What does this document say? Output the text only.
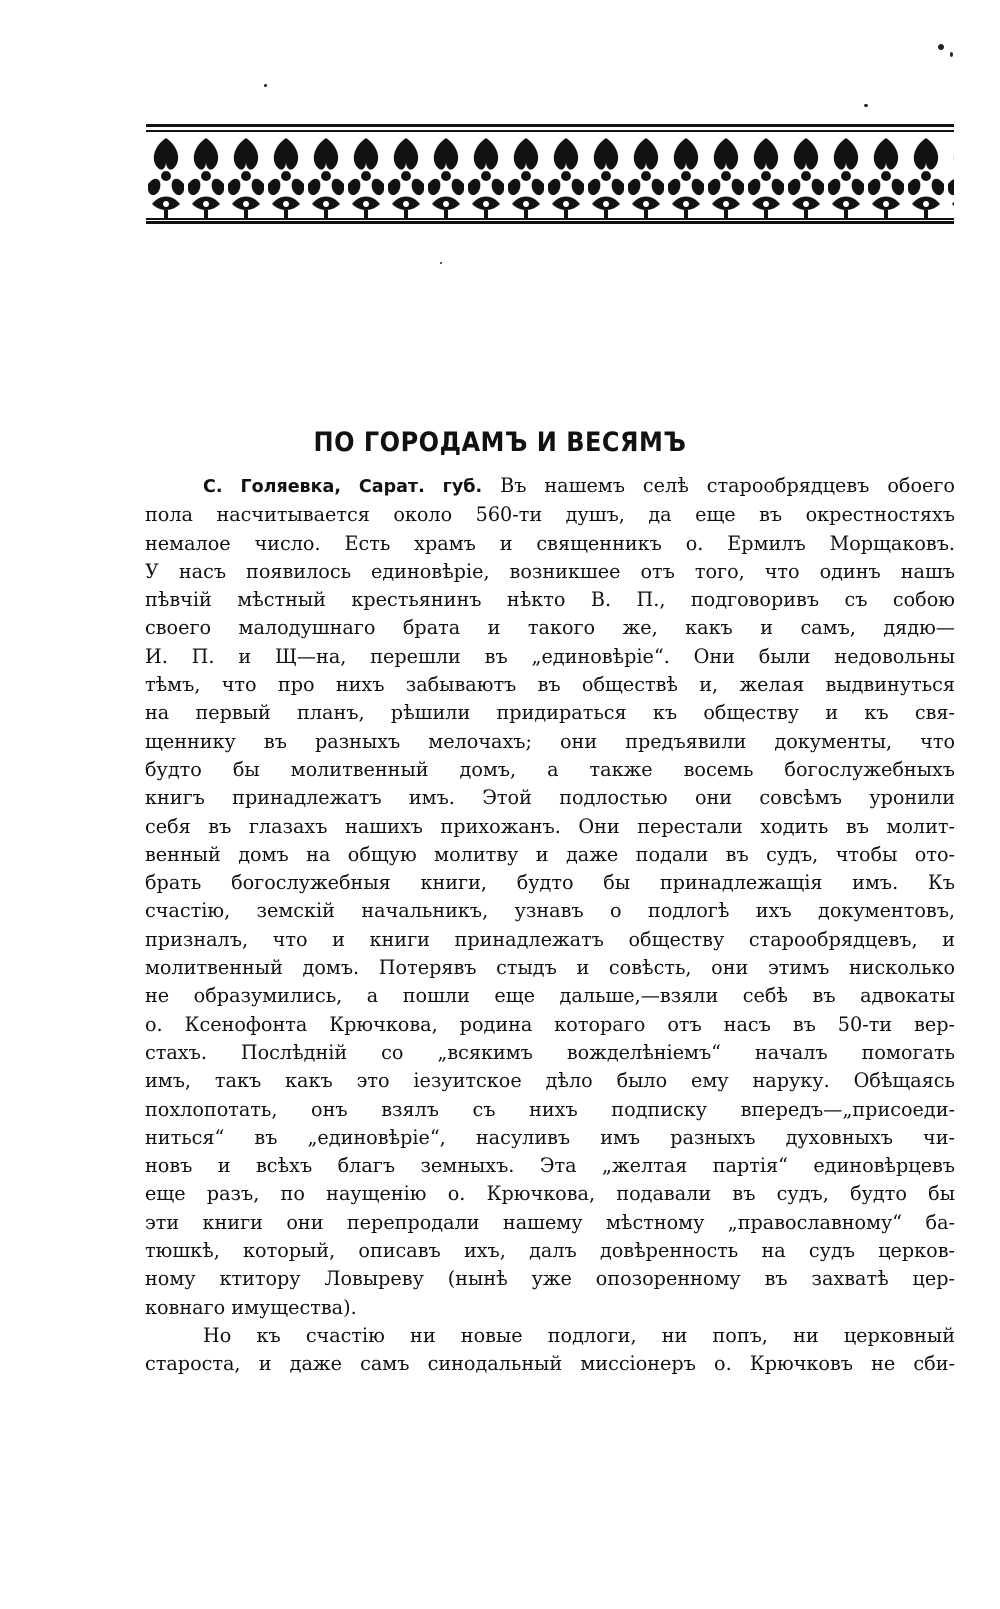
ПО ГОРОДАМЪ И ВЕСЯМЪ
С. Голяевка, Сарат. губ. Въ нашемъ селѣ старообрядцевъ обоего
пола насчитывается около 560-ти душъ, да еще въ окрестностяхъ
немалое число. Есть храмъ и священникъ о. Ермилъ Морщаковъ.
У насъ появилось единовѣріе, возникшее отъ того, что одинъ нашъ
пѣвчій мѣстный крестьянинъ нѣкто В. П., подговоривъ съ собою
своего малодушнаго брата и такого же, какъ и самъ, дядю—
И. П. и Щ—на, перешли въ „единовѣріе“. Они были недовольны
тѣмъ, что про нихъ забываютъ въ обществѣ и, желая выдвинуться
на первый планъ, рѣшили придираться къ обществу и къ свя-
щеннику въ разныхъ мелочахъ; они предъявили документы, что
будто бы молитвенный домъ, а также восемь богослужебныхъ
книгъ принадлежатъ имъ. Этой подлостью они совсѣмъ уронили
себя въ глазахъ нашихъ прихожанъ. Они перестали ходить въ молит-
венный домъ на общую молитву и даже подали въ судъ, чтобы ото-
брать богослужебныя книги, будто бы принадлежащія имъ. Къ
счастію, земскій начальникъ, узнавъ о подлогѣ ихъ документовъ,
призналъ, что и книги принадлежатъ обществу старообрядцевъ, и
молитвенный домъ. Потерявъ стыдъ и совѣсть, они этимъ нисколько
не образумились, а пошли еще дальше,—взяли себѣ въ адвокаты
о. Ксенофонта Крючкова, родина котораго отъ насъ въ 50-ти вер-
стахъ. Послѣдній со „всякимъ вожделѣніемъ“ началъ помогать
имъ, такъ какъ это іезуитское дѣло было ему наруку. Обѣщаясь
похлопотать, онъ взялъ съ нихъ подписку впередъ—„присоеди-
ниться“ въ „единовѣріе“, насуливъ имъ разныхъ духовныхъ чи-
новъ и всѣхъ благъ земныхъ. Эта „желтая партія“ единовѣрцевъ
еще разъ, по наущенію о. Крючкова, подавали въ судъ, будто бы
эти книги они перепродали нашему мѣстному „православному“ ба-
тюшкѣ, который, описавъ ихъ, далъ довѣренность на судъ церков-
ному ктитору Ловыреву (нынѣ уже опозоренному въ захватѣ цер-
ковнаго имущества).
Но къ счастію ни новые подлоги, ни попъ, ни церковный
староста, и даже самъ синодальный миссіонеръ о. Крючковъ не сби-
